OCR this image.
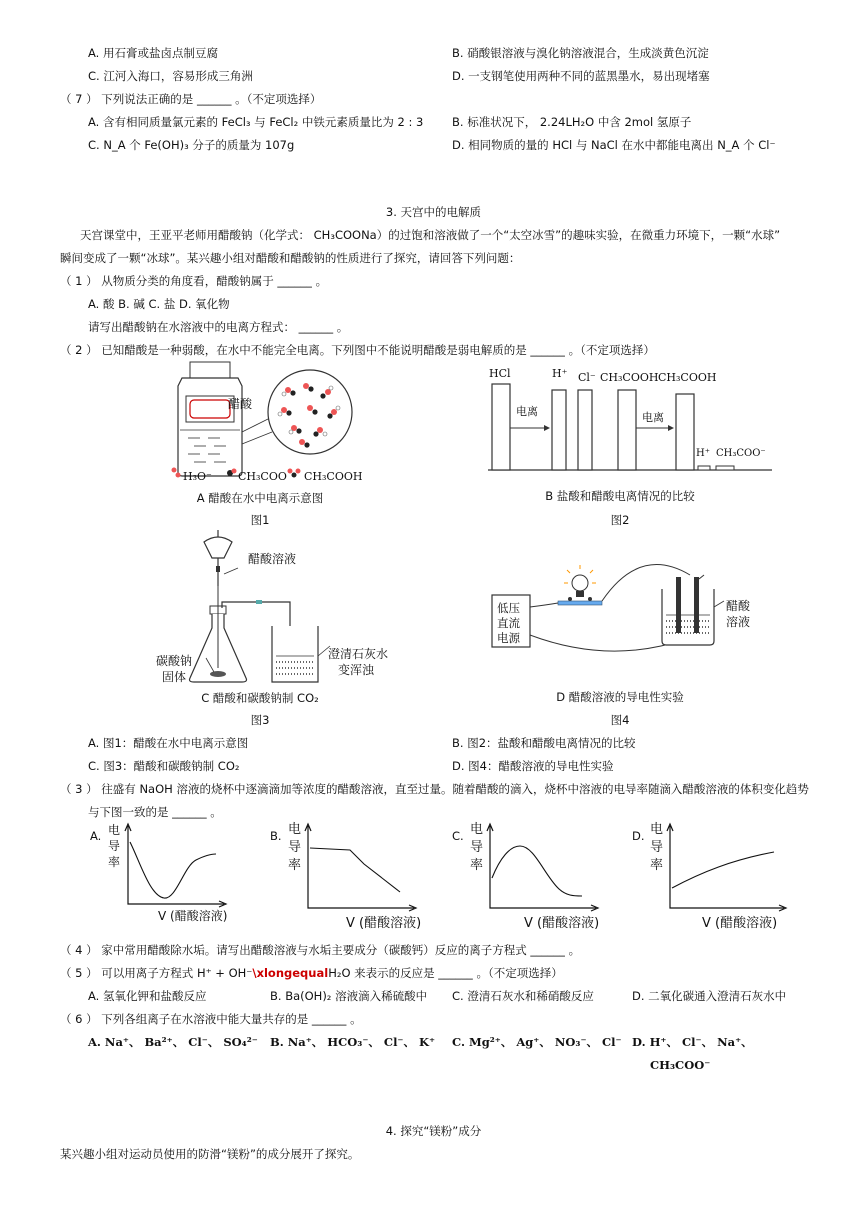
A. 用石膏或盐卤点制豆腐	B. 硝酸银溶液与溴化钠溶液混合，生成淡黄色沉淀
C. 江河入海口，容易形成三角洲	D. 一支钢笔使用两种不同的蓝黑墨水，易出现堵塞
（ 7 ） 下列说法正确的是 ______ 。（不定项选择）
A. 含有相同质量氯元素的 FeCl₃ 与 FeCl₂ 中铁元素质量比为 2 : 3 B. 标准状况下， 2.24LH₂O 中含 2mol 氢原子
C. N_A 个 Fe(OH)₃ 分子的质量为 107g	D. 相同物质的量的 HCl 与 NaCl 在水中都能电离出 N_A 个 Cl⁻
3. 天宫中的电解质
天宫课堂中，王亚平老师用醋酸钠（化学式： CH₃COONa）的过饱和溶液做了一个“太空冰雪”的趣味实验，在微重力环境下，一颗“水球”
瞬间变成了一颗“冰球”。某兴趣小组对醋酸和醋酸钠的性质进行了探究，请回答下列问题：
（ 1 ） 从物质分类的角度看，醋酸钠属于 ______ 。
A. 酸 B. 碱 C. 盐 D. 氧化物
请写出醋酸钠在水溶液中的电离方程式： ______ 。
（ 2 ） 已知醋酸是一种弱酸，在水中不能完全电离。下列图中不能说明醋酸是弱电解质的是 ______ 。（不定项选择）
醋酸
H₃O⁻ CH₃COO CH₃COOH
A 醋酸在水中电离示意图
图1
HCl	H⁺ Cl⁻ CH₃COOH CH₃COOH
电离	电离
H⁺ CH₃COO⁻
B 盐酸和醋酸电离情况的比较
图2
醋酸溶液
碳酸钠
固体
澄清石灰水
变浑浊
C 醋酸和碳酸钠制 CO₂
图3
低压
直流
电源
醋酸
溶液
D 醋酸溶液的导电性实验
图4
A. 图1：醋酸在水中电离示意图	B. 图2：盐酸和醋酸电离情况的比较
C. 图3：醋酸和碳酸钠制 CO₂	D. 图4：醋酸溶液的导电性实验
（ 3 ） 往盛有 NaOH 溶液的烧杯中逐滴滴加等浓度的醋酸溶液，直至过量。随着醋酸的滴入，烧杯中溶液的电导率随滴入醋酸溶液的体积变化趋势
与下图一致的是 ______ 。
A. 电
导
率
V (醋酸溶液)
B. 电
导
率
V (醋酸溶液)
C. 电
导
率
V (醋酸溶液)
D. 电
导
率
V (醋酸溶液)
（ 4 ） 家中常用醋酸除水垢。请写出醋酸溶液与水垢主要成分（碳酸钙）反应的离子方程式 ______ 。
（ 5 ） 可以用离子方程式 H⁺ + OH⁻\xlongequalH₂O 来表示的反应是 ______ 。（不定项选择）
A. 氢氧化钾和盐酸反应	B. Ba(OH)₂ 溶液滴入稀硫酸中 C. 澄清石灰水和稀硝酸反应	D. 二氧化碳通入澄清石灰水中
（ 6 ） 下列各组离子在水溶液中能大量共存的是 ______ 。
A. Na⁺、 Ba²⁺、 Cl⁻、 SO₄²⁻ B. Na⁺、 HCO₃⁻、 Cl⁻、 K⁺ C. Mg²⁺、 Ag⁺、 NO₃⁻、 Cl⁻ D. H⁺、 Cl⁻、 Na⁺、
CH₃COO⁻
4. 探究“镁粉”成分
某兴趣小组对运动员使用的防滑“镁粉”的成分展开了探究。
